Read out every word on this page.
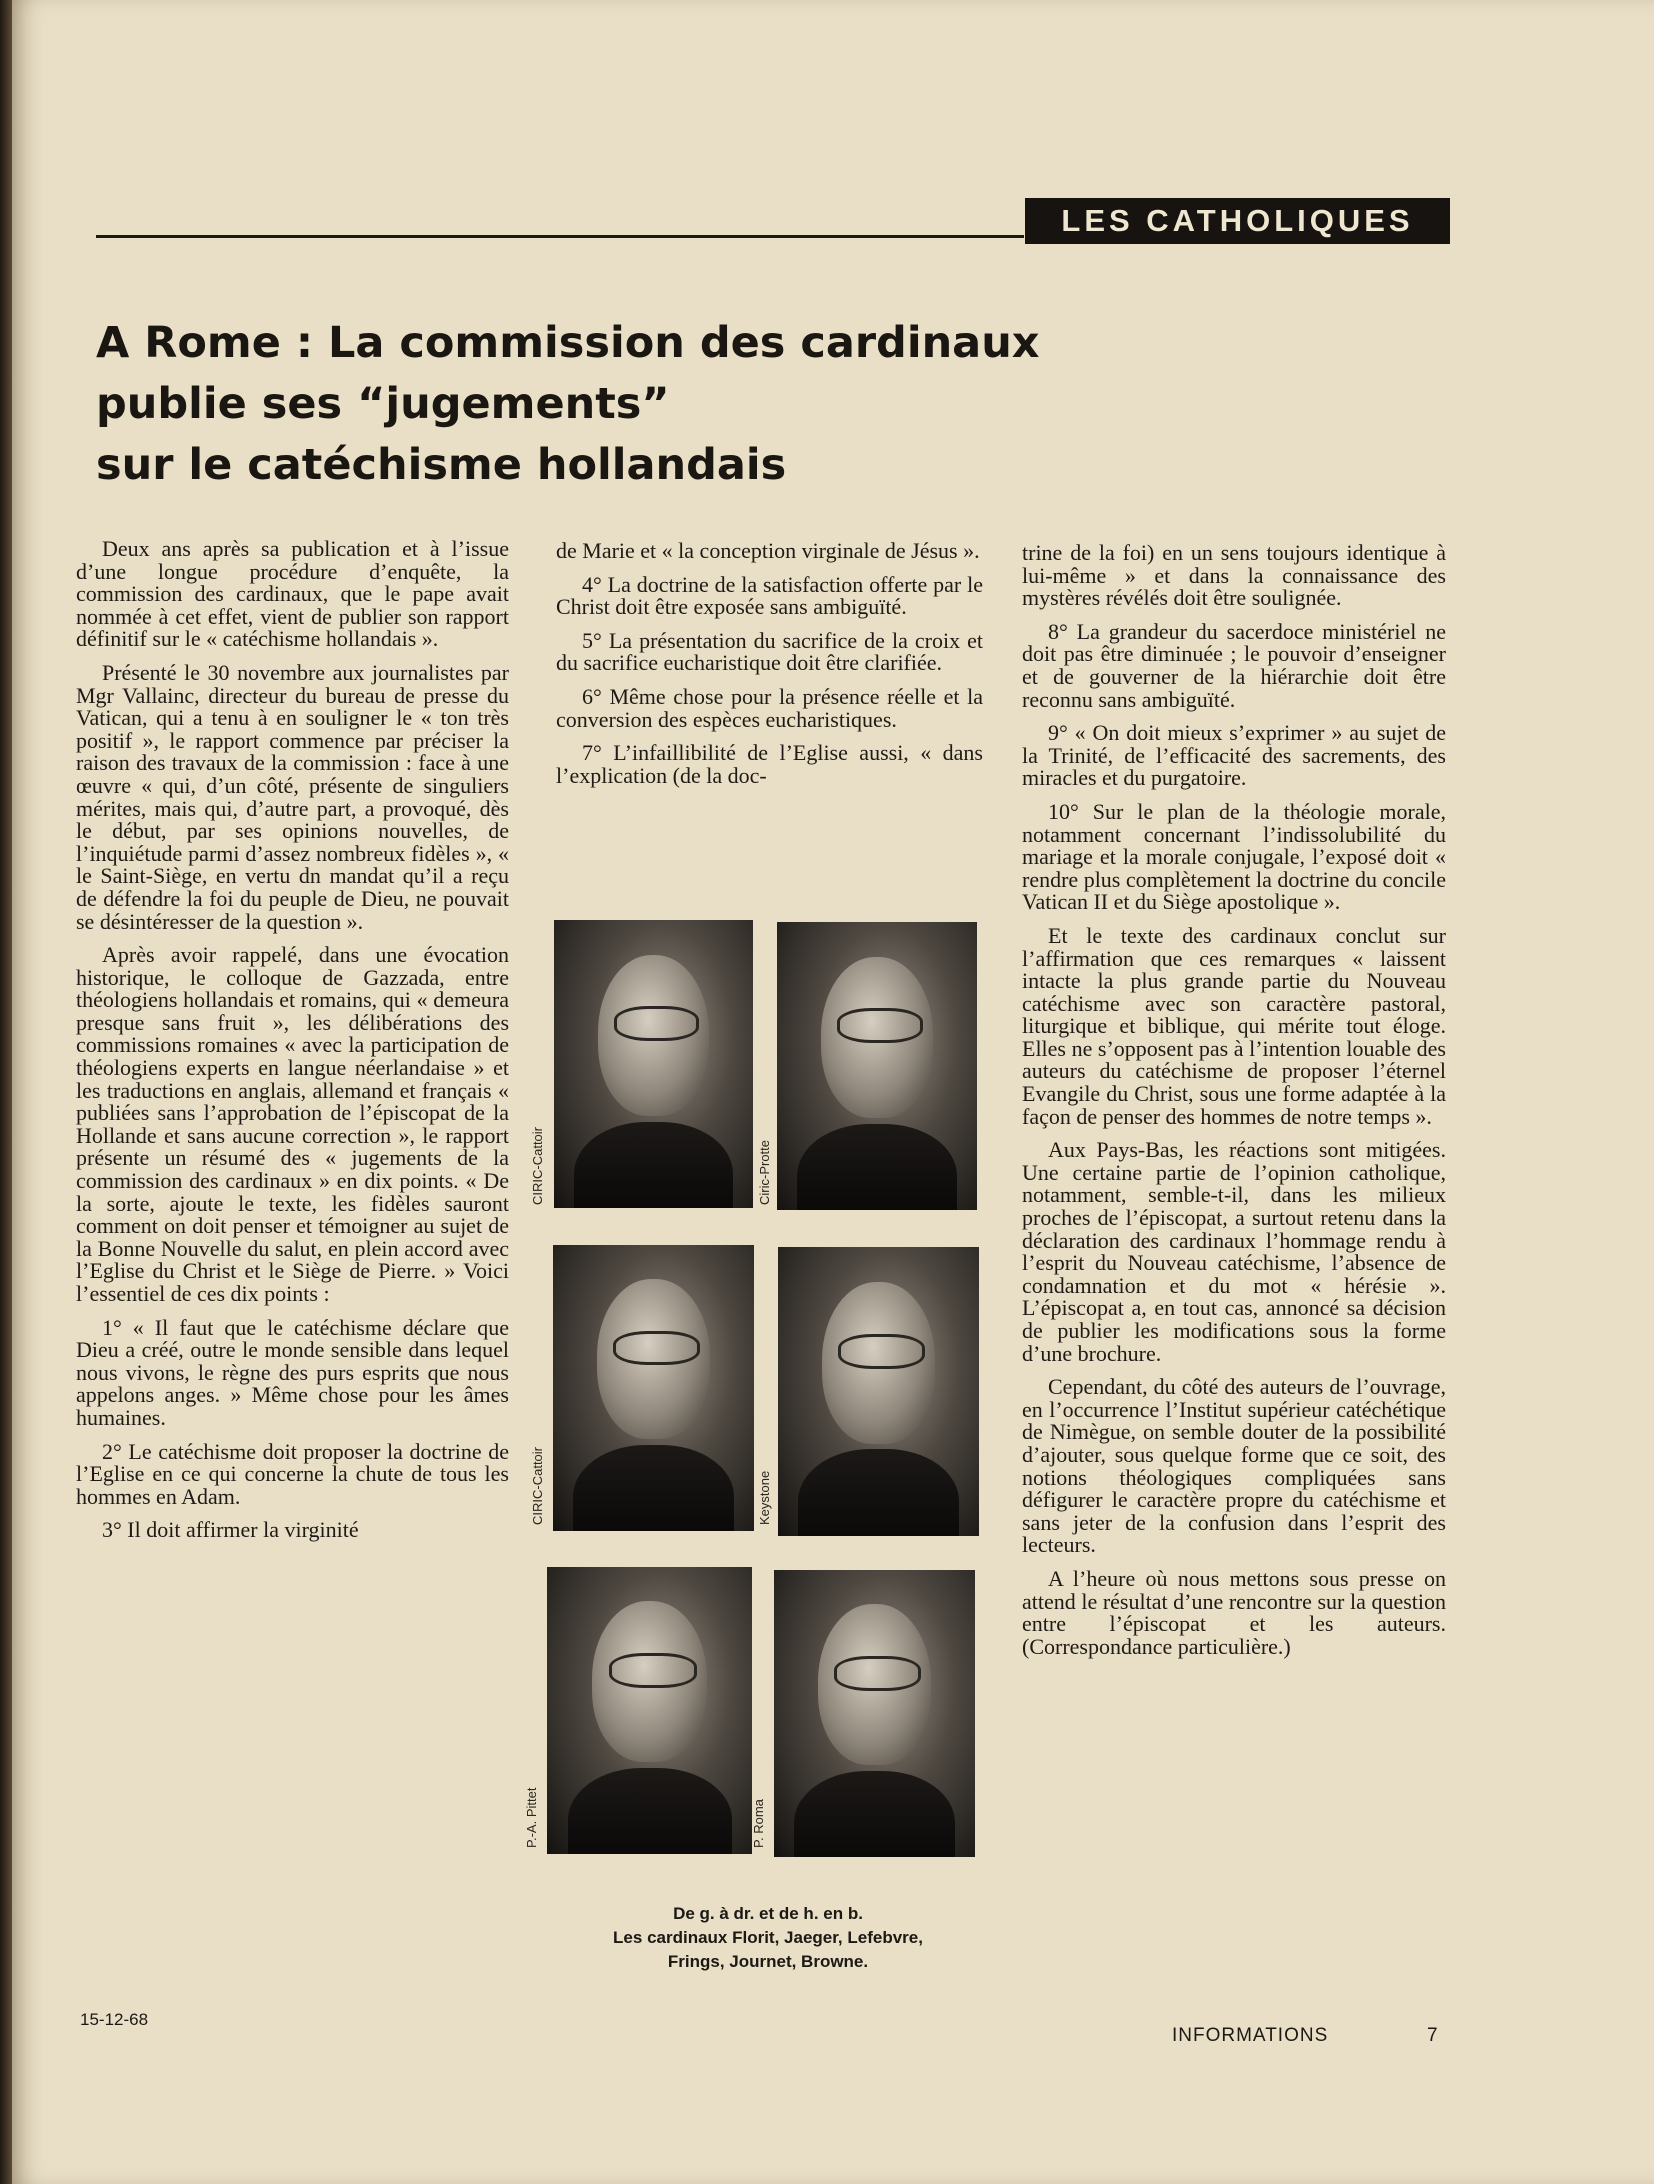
LES CATHOLIQUES
A Rome : La commission des cardinaux
publie ses “jugements”
sur le catéchisme hollandais

Deux ans après sa publication et à l’issue d’une longue procédure d’enquête, la commission des cardinaux, que le pape avait nommée à cet effet, vient de publier son rapport définitif sur le « catéchisme hollandais ».

Présenté le 30 novembre aux journalistes par Mgr Vallainc, directeur du bureau de presse du Vatican, qui a tenu à en souligner le « ton très positif », le rapport commence par préciser la raison des travaux de la commission : face à une œuvre « qui, d’un côté, présente de singuliers mérites, mais qui, d’autre part, a provoqué, dès le début, par ses opinions nouvelles, de l’inquiétude parmi d’assez nombreux fidèles », « le Saint-Siège, en vertu dn mandat qu’il a reçu de défendre la foi du peuple de Dieu, ne pouvait se désintéresser de la question ».

Après avoir rappelé, dans une évocation historique, le colloque de Gazzada, entre théologiens hollandais et romains, qui « demeura presque sans fruit », les délibérations des commissions romaines « avec la participation de théologiens experts en langue néerlandaise » et les traductions en anglais, allemand et français « publiées sans l’approbation de l’épiscopat de la Hollande et sans aucune correction », le rapport présente un résumé des « jugements de la commission des cardinaux » en dix points. « De la sorte, ajoute le texte, les fidèles sauront comment on doit penser et témoigner au sujet de la Bonne Nouvelle du salut, en plein accord avec l’Eglise du Christ et le Siège de Pierre. » Voici l’essentiel de ces dix points :

1° « Il faut que le catéchisme déclare que Dieu a créé, outre le monde sensible dans lequel nous vivons, le règne des purs esprits que nous appelons anges. » Même chose pour les âmes humaines.

2° Le catéchisme doit proposer la doctrine de l’Eglise en ce qui concerne la chute de tous les hommes en Adam.

3° Il doit affirmer la virginité

de Marie et « la conception virginale de Jésus ».

4° La doctrine de la satisfaction offerte par le Christ doit être exposée sans ambiguïté.

5° La présentation du sacrifice de la croix et du sacrifice eucharistique doit être clarifiée.

6° Même chose pour la présence réelle et la conversion des espèces eucharistiques.

7° L’infaillibilité de l’Eglise aussi, « dans l’explication (de la doc-

CIRIC-Cattoir	Ciric-Protte
CIRIC-Cattoir	Keystone
P.-A. Pittet	P. Roma
De g. à dr. et de h. en b.
Les cardinaux Florit, Jaeger, Lefebvre,
Frings, Journet, Browne.

trine de la foi) en un sens toujours identique à lui-même » et dans la connaissance des mystères révélés doit être soulignée.

8° La grandeur du sacerdoce ministériel ne doit pas être diminuée ; le pouvoir d’enseigner et de gouverner de la hiérarchie doit être reconnu sans ambiguïté.

9° « On doit mieux s’exprimer » au sujet de la Trinité, de l’efficacité des sacrements, des miracles et du purgatoire.

10° Sur le plan de la théologie morale, notamment concernant l’indissolubilité du mariage et la morale conjugale, l’exposé doit « rendre plus complètement la doctrine du concile Vatican II et du Siège apostolique ».

Et le texte des cardinaux conclut sur l’affirmation que ces remarques « laissent intacte la plus grande partie du Nouveau catéchisme avec son caractère pastoral, liturgique et biblique, qui mérite tout éloge. Elles ne s’opposent pas à l’intention louable des auteurs du catéchisme de proposer l’éternel Evangile du Christ, sous une forme adaptée à la façon de penser des hommes de notre temps ».

Aux Pays-Bas, les réactions sont mitigées. Une certaine partie de l’opinion catholique, notamment, semble-t-il, dans les milieux proches de l’épiscopat, a surtout retenu dans la déclaration des cardinaux l’hommage rendu à l’esprit du Nouveau catéchisme, l’absence de condamnation et du mot « hérésie ». L’épiscopat a, en tout cas, annoncé sa décision de publier les modifications sous la forme d’une brochure.

Cependant, du côté des auteurs de l’ouvrage, en l’occurrence l’Institut supérieur catéchétique de Nimègue, on semble douter de la possibilité d’ajouter, sous quelque forme que ce soit, des notions théologiques compliquées sans défigurer le caractère propre du catéchisme et sans jeter de la confusion dans l’esprit des lecteurs.

A l’heure où nous mettons sous presse on attend le résultat d’une rencontre sur la question entre l’épiscopat et les auteurs. (Correspondance particulière.)

15-12-68
INFORMATIONS	7
